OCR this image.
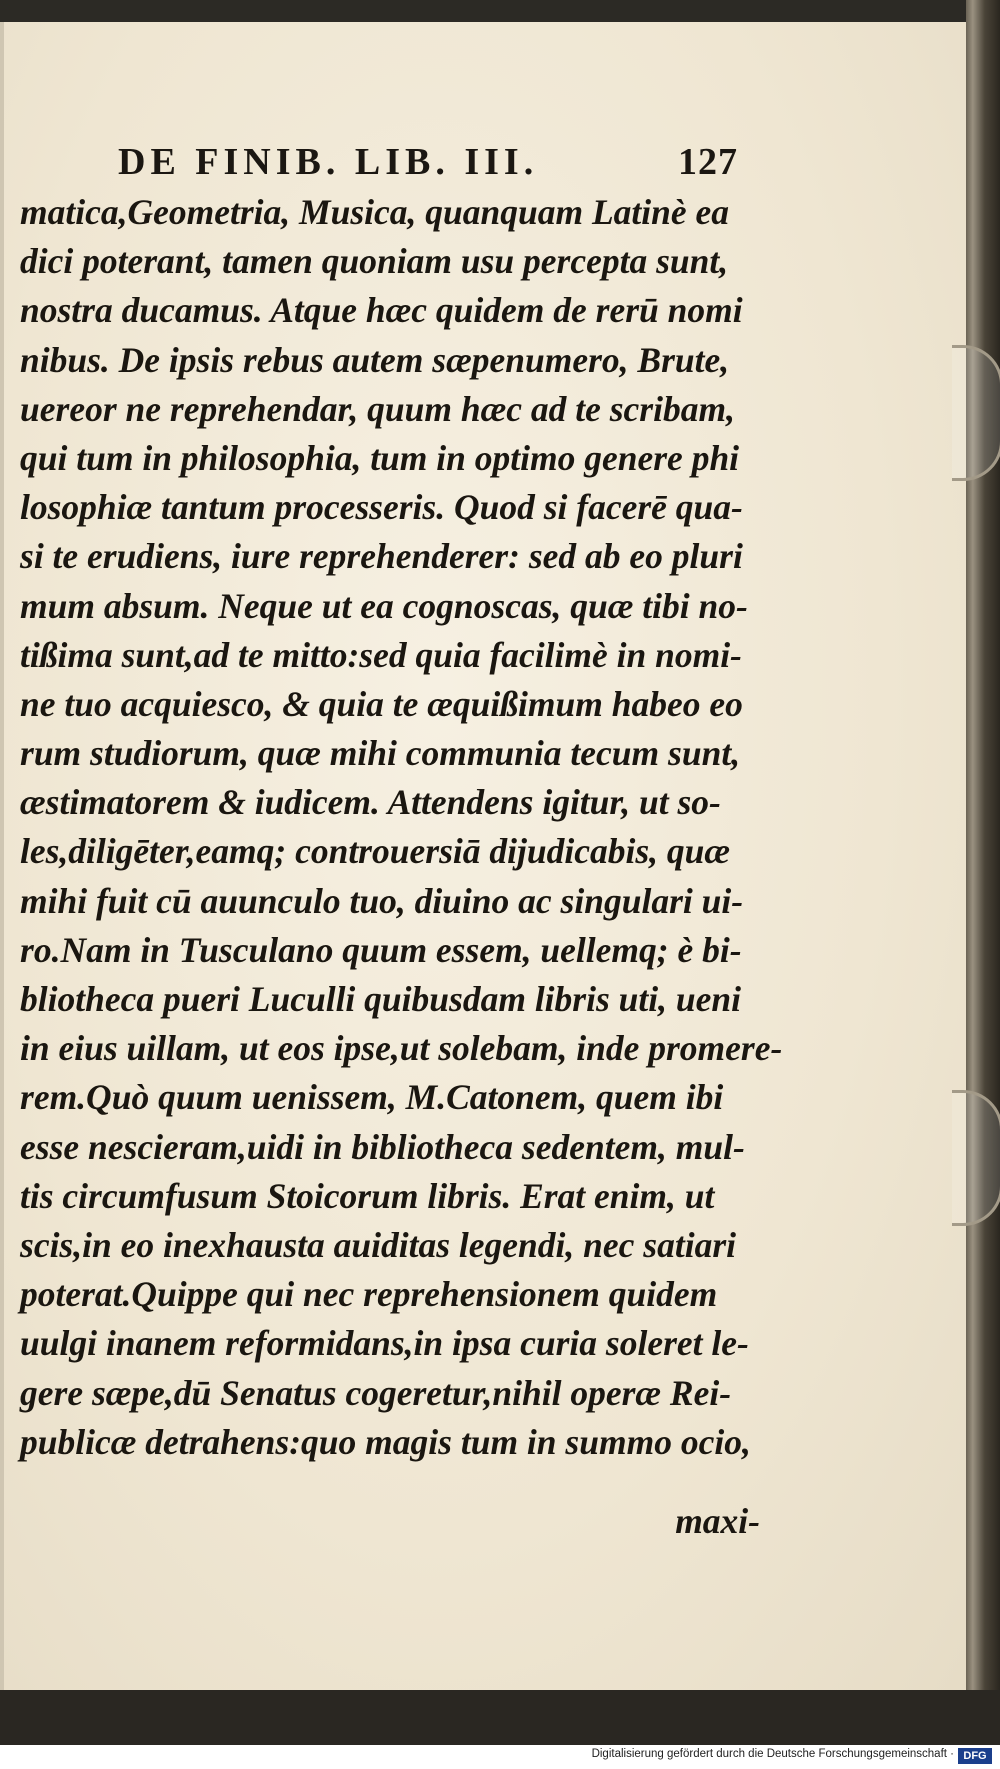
DE FINIB. LIB. III.	127
matica,Geometria, Musica, quanquam Latinè ea
dici poterant, tamen quoniam usu percepta sunt,
nostra ducamus. Atque hæc quidem de rerū nomi
nibus. De ipsis rebus autem sæpenumero, Brute,
uereor ne reprehendar, quum hæc ad te scribam,
qui tum in philosophia, tum in optimo genere phi
losophiæ tantum processeris. Quod si facerē qua-
si te erudiens, iure reprehenderer: sed ab eo pluri
mum absum. Neque ut ea cognoscas, quæ tibi no-
tißima sunt,ad te mitto:sed quia facilimè in nomi-
ne tuo acquiesco, & quia te æquißimum habeo eo
rum studiorum, quæ mihi communia tecum sunt,
æstimatorem & iudicem. Attendens igitur, ut so-
les,diligēter,eamq; controuersiā dijudicabis, quæ
mihi fuit cū auunculo tuo, diuino ac singulari ui-
ro.Nam in Tusculano quum essem, uellemq; è bi-
bliotheca pueri Luculli quibusdam libris uti, ueni
in eius uillam, ut eos ipse,ut solebam, inde promere-
rem.Quò quum uenissem, M.Catonem, quem ibi
esse nescieram,uidi in bibliotheca sedentem, mul-
tis circumfusum Stoicorum libris. Erat enim, ut
scis,in eo inexhausta auiditas legendi, nec satiari
poterat.Quippe qui nec reprehensionem quidem
uulgi inanem reformidans,in ipsa curia soleret le-
gere sæpe,dū Senatus cogeretur,nihil operæ Rei-
publicæ detrahens:quo magis tum in summo ocio,
maxi-
Digitalisierung gefördert durch die Deutsche Forschungsgemeinschaft · DFG
